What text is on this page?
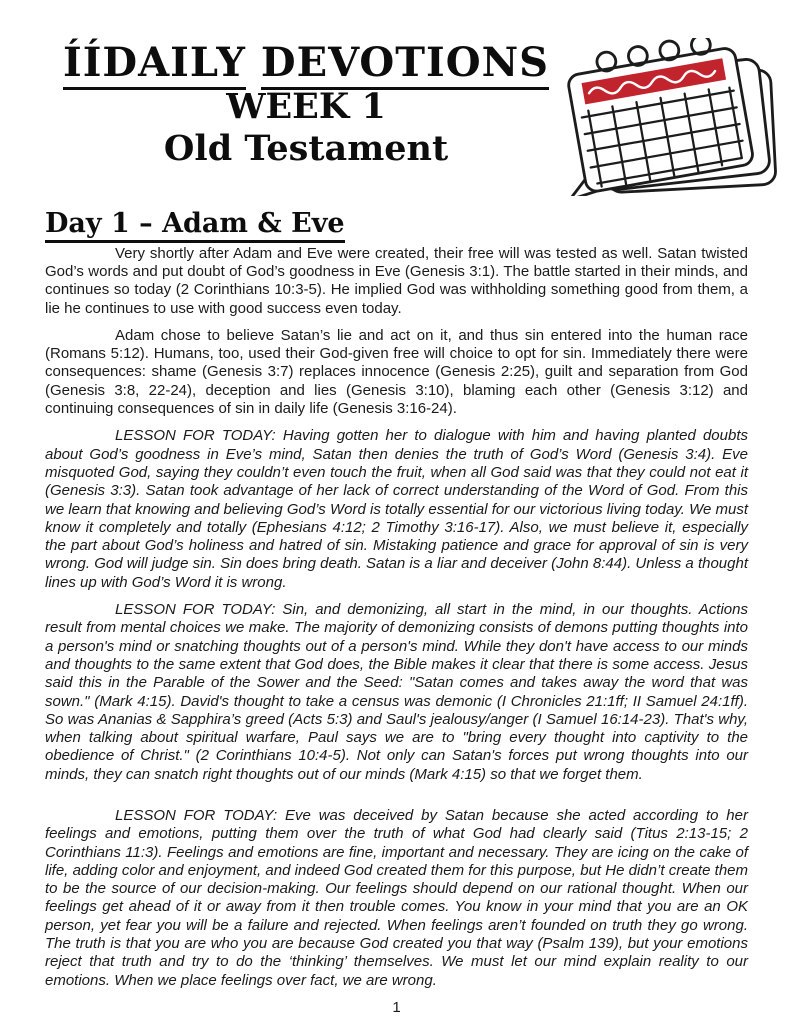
ÍÍDAILY DEVOTIONS
WEEK 1
Old Testament
Day 1 – Adam & Eve

Very shortly after Adam and Eve were created, their free will was tested as well. Satan twisted God’s words and put doubt of God’s goodness in Eve (Genesis 3:1). The battle started in their minds, and continues so today (2 Corinthians 10:3-5). He implied God was withholding something good from them, a lie he continues to use with good success even today.

Adam chose to believe Satan’s lie and act on it, and thus sin entered into the human race (Romans 5:12). Humans, too, used their God-given free will choice to opt for sin. Immediately there were consequences: shame (Genesis 3:7) replaces innocence (Genesis 2:25), guilt and separation from God (Genesis 3:8, 22-24), deception and lies (Genesis 3:10), blaming each other (Genesis 3:12) and continuing consequences of sin in daily life (Genesis 3:16-24).

LESSON FOR TODAY: Having gotten her to dialogue with him and having planted doubts about God’s goodness in Eve’s mind, Satan then denies the truth of God’s Word (Genesis 3:4). Eve misquoted God, saying they couldn’t even touch the fruit, when all God said was that they could not eat it (Genesis 3:3). Satan took advantage of her lack of correct understanding of the Word of God. From this we learn that knowing and believing God’s Word is totally essential for our victorious living today. We must know it completely and totally (Ephesians 4:12; 2 Timothy 3:16-17). Also, we must believe it, especially the part about God’s holiness and hatred of sin. Mistaking patience and grace for approval of sin is very wrong. God will judge sin. Sin does bring death. Satan is a liar and deceiver (John 8:44). Unless a thought lines up with God’s Word it is wrong.

LESSON FOR TODAY: Sin, and demonizing, all start in the mind, in our thoughts. Actions result from mental choices we make. The majority of demonizing consists of demons putting thoughts into a person's mind or snatching thoughts out of a person's mind. While they don't have access to our minds and thoughts to the same extent that God does, the Bible makes it clear that there is some access. Jesus said this in the Parable of the Sower and the Seed: "Satan comes and takes away the word that was sown." (Mark 4:15). David's thought to take a census was demonic (I Chronicles 21:1ff; II Samuel 24:1ff). So was Ananias & Sapphira’s greed (Acts 5:3) and Saul's jealousy/anger (I Samuel 16:14-23). That's why, when talking about spiritual warfare, Paul says we are to "bring every thought into captivity to the obedience of Christ." (2 Corinthians 10:4-5). Not only can Satan's forces put wrong thoughts into our minds, they can snatch right thoughts out of our minds (Mark 4:15) so that we forget them.

LESSON FOR TODAY: Eve was deceived by Satan because she acted according to her feelings and emotions, putting them over the truth of what God had clearly said (Titus 2:13-15; 2 Corinthians 11:3). Feelings and emotions are fine, important and necessary. They are icing on the cake of life, adding color and enjoyment, and indeed God created them for this purpose, but He didn’t create them to be the source of our decision-making. Our feelings should depend on our rational thought. When our feelings get ahead of it or away from it then trouble comes. You know in your mind that you are an OK person, yet fear you will be a failure and rejected. When feelings aren’t founded on truth they go wrong. The truth is that you are who you are because God created you that way (Psalm 139), but your emotions reject that truth and try to do the ‘thinking’ themselves. We must let our mind explain reality to our emotions. When we place feelings over fact, we are wrong.

1
